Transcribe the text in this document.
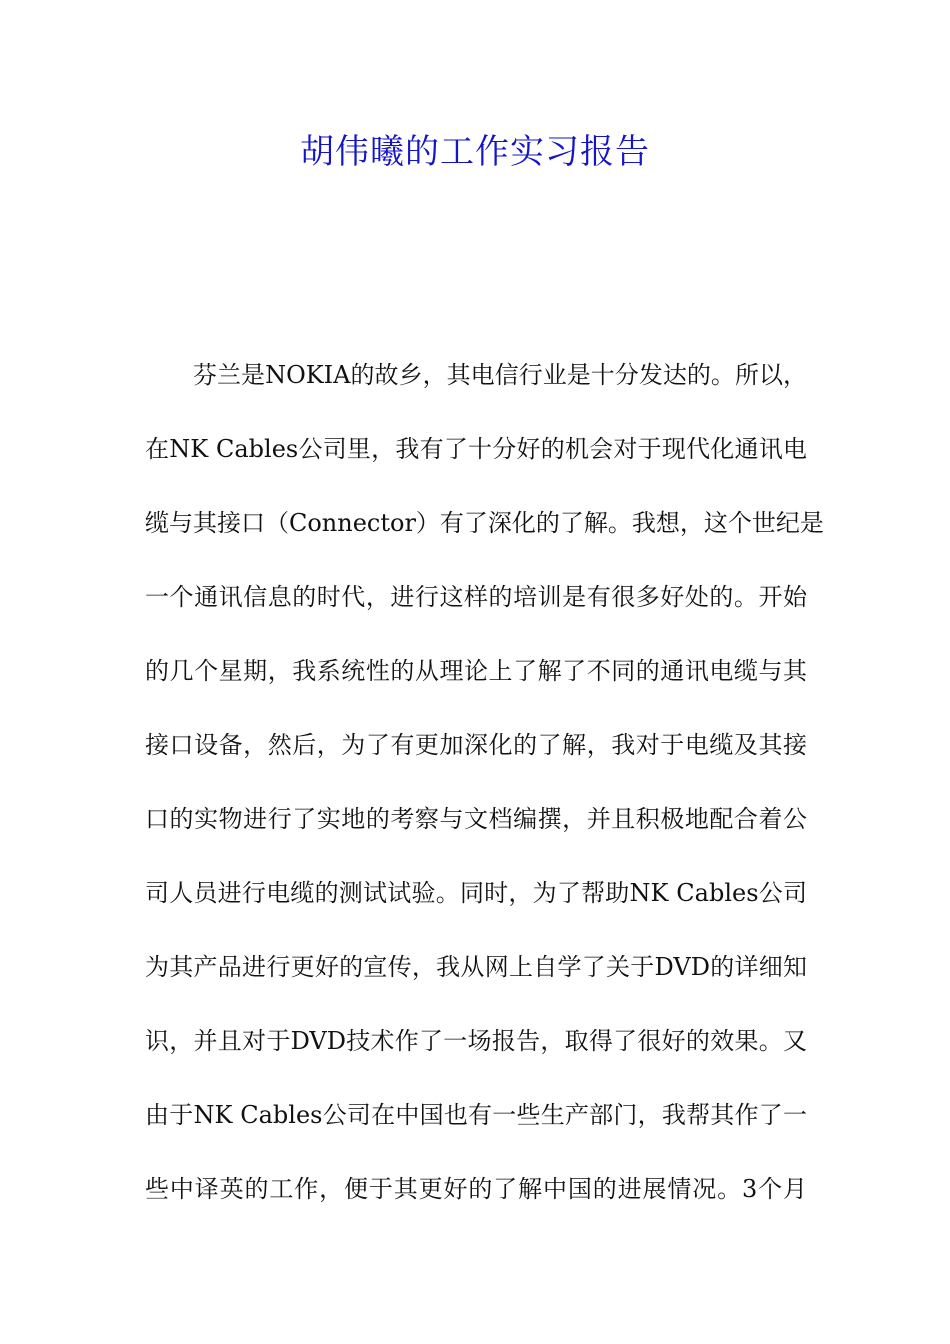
胡伟曦的工作实习报告
芬兰是NOKIA的故乡，其电信行业是十分发达的。所以，
在NK Cables公司里，我有了十分好的机会对于现代化通讯电
缆与其接口（Connector）有了深化的了解。我想，这个世纪是
一个通讯信息的时代，进行这样的培训是有很多好处的。开始
的几个星期，我系统性的从理论上了解了不同的通讯电缆与其
接口设备，然后，为了有更加深化的了解，我对于电缆及其接
口的实物进行了实地的考察与文档编撰，并且积极地配合着公
司人员进行电缆的测试试验。同时，为了帮助NK Cables公司
为其产品进行更好的宣传，我从网上自学了关于DVD的详细知
识，并且对于DVD技术作了一场报告，取得了很好的效果。又
由于NK Cables公司在中国也有一些生产部门，我帮其作了一
些中译英的工作，便于其更好的了解中国的进展情况。3个月
